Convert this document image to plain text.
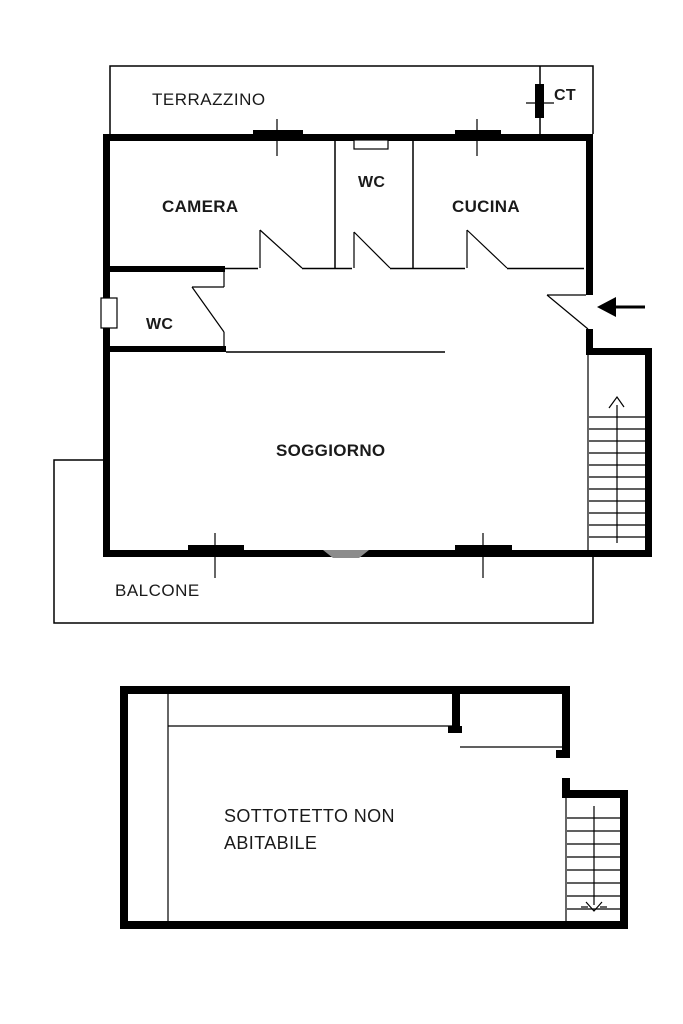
TERRAZZINO	CT
CAMERA
WC
CUCINA
WC
SOGGIORNO
BALCONE
SOTTOTETTO NON
ABITABILE
